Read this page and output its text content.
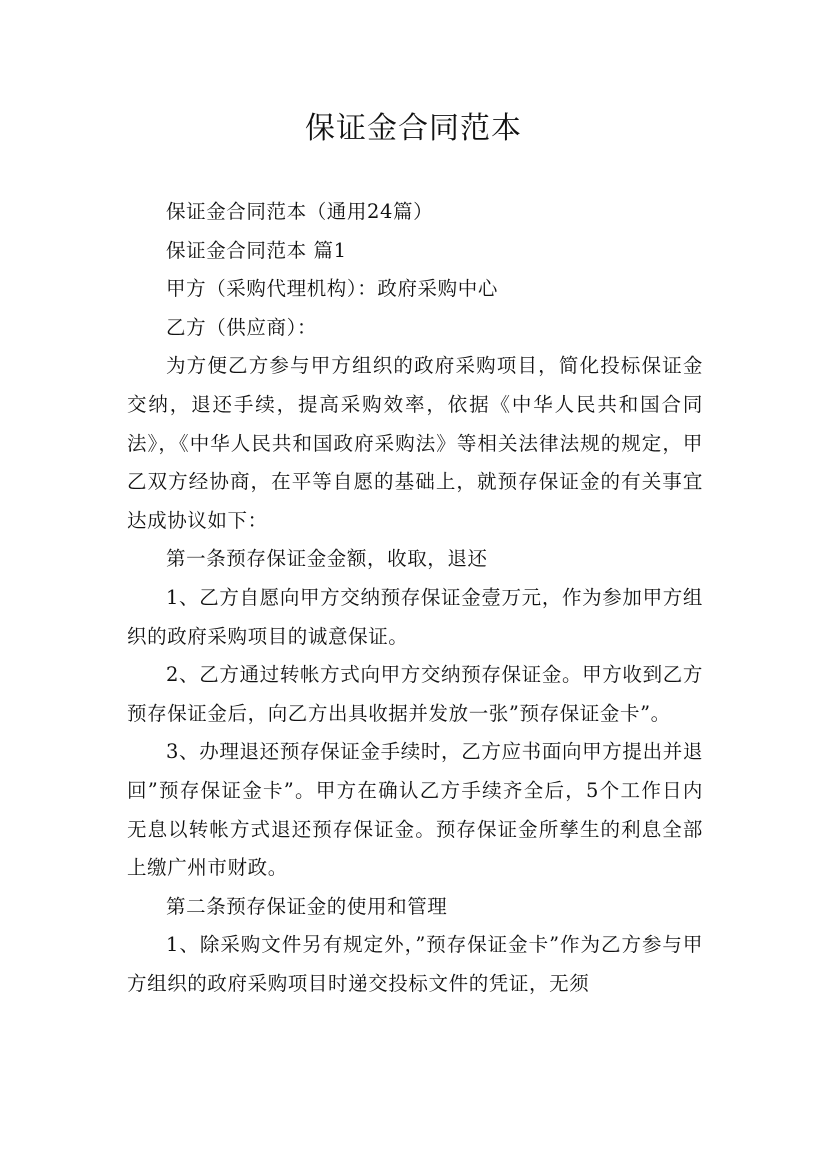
保证金合同范本

保证金合同范本（通用24篇）

保证金合同范本 篇1

甲方（采购代理机构）：政府采购中心

乙方（供应商）：

为方便乙方参与甲方组织的政府采购项目，简化投标保证金交纳，退还手续，提高采购效率，依据《中华人民共和国合同法》，《中华人民共和国政府采购法》等相关法律法规的规定，甲乙双方经协商，在平等自愿的基础上，就预存保证金的有关事宜达成协议如下：

第一条预存保证金金额，收取，退还

1、乙方自愿向甲方交纳预存保证金壹万元，作为参加甲方组织的政府采购项目的诚意保证。

2、乙方通过转帐方式向甲方交纳预存保证金。甲方收到乙方预存保证金后，向乙方出具收据并发放一张”预存保证金卡”。

3、办理退还预存保证金手续时，乙方应书面向甲方提出并退回”预存保证金卡”。甲方在确认乙方手续齐全后，5个工作日内无息以转帐方式退还预存保证金。预存保证金所孳生的利息全部上缴广州市财政。

第二条预存保证金的使用和管理

1、除采购文件另有规定外，”预存保证金卡”作为乙方参与甲方组织的政府采购项目时递交投标文件的凭证，无须
